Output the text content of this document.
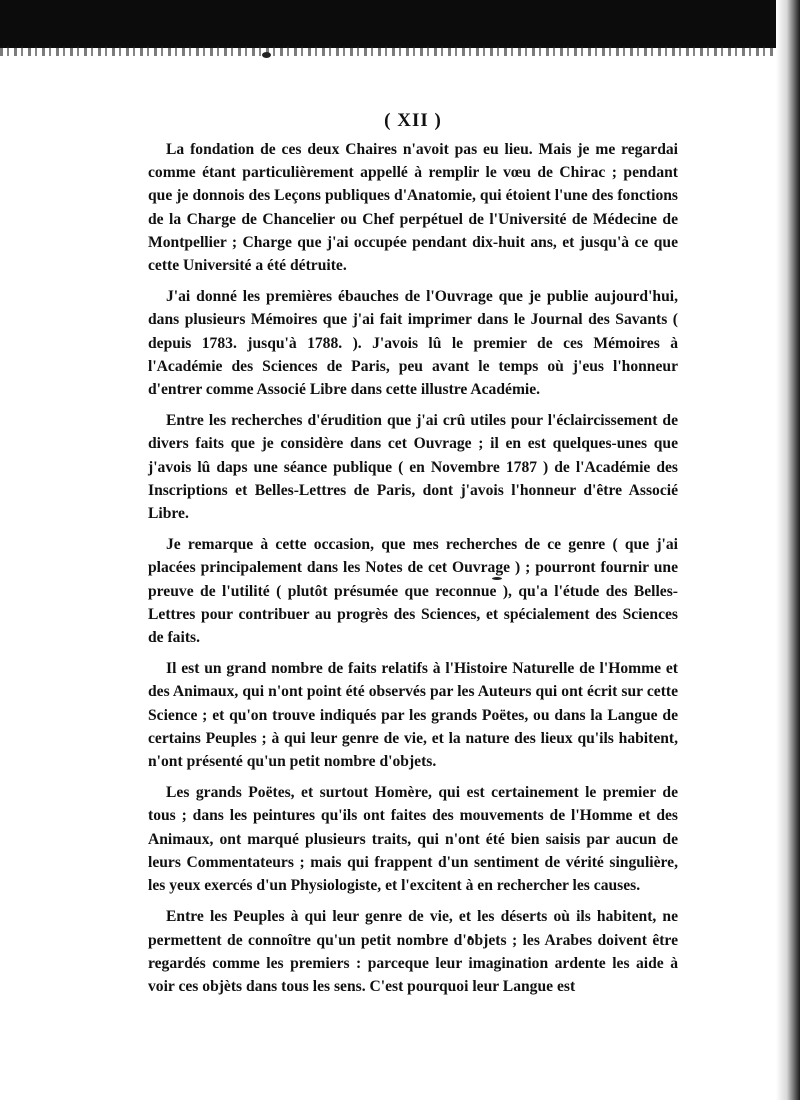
( XII )

La fondation de ces deux Chaires n'avoit pas eu lieu. Mais je me regardai comme étant particulièrement appellé à remplir le vœu de Chirac ; pendant que je donnois des Leçons publiques d'Anatomie, qui étoient l'une des fonctions de la Charge de Chancelier ou Chef perpétuel de l'Université de Médecine de Montpellier ; Charge que j'ai occupée pendant dix-huit ans, et jusqu'à ce que cette Université a été détruite.

J'ai donné les premières ébauches de l'Ouvrage que je publie aujourd'hui, dans plusieurs Mémoires que j'ai fait imprimer dans le Journal des Savants ( depuis 1783. jusqu'à 1788. ). J'avois lû le premier de ces Mémoires à l'Académie des Sciences de Paris, peu avant le temps où j'eus l'honneur d'entrer comme Associé Libre dans cette illustre Académie.

Entre les recherches d'érudition que j'ai crû utiles pour l'éclaircissement de divers faits que je considère dans cet Ouvrage ; il en est quelques-unes que j'avois lû daps une séance publique ( en Novembre 1787 ) de l'Académie des Inscriptions et Belles-Lettres de Paris, dont j'avois l'honneur d'être Associé Libre.

Je remarque à cette occasion, que mes recherches de ce genre ( que j'ai placées principalement dans les Notes de cet Ouvrage ) ; pourront fournir une preuve de l'utilité ( plutôt présumée que reconnue ), qu'a l'étude des Belles-Lettres pour contribuer au progrès des Sciences, et spécialement des Sciences de faits.

Il est un grand nombre de faits relatifs à l'Histoire Naturelle de l'Homme et des Animaux, qui n'ont point été observés par les Auteurs qui ont écrit sur cette Science ; et qu'on trouve indiqués par les grands Poëtes, ou dans la Langue de certains Peuples ; à qui leur genre de vie, et la nature des lieux qu'ils habitent, n'ont présenté qu'un petit nombre d'objets.

Les grands Poëtes, et surtout Homère, qui est certainement le premier de tous ; dans les peintures qu'ils ont faites des mouvements de l'Homme et des Animaux, ont marqué plusieurs traits, qui n'ont été bien saisis par aucun de leurs Commentateurs ; mais qui frappent d'un sentiment de vérité singulière, les yeux exercés d'un Physiologiste, et l'excitent à en rechercher les causes.

Entre les Peuples à qui leur genre de vie, et les déserts où ils habitent, ne permettent de connoître qu'un petit nombre d'objets ; les Arabes doivent être regardés comme les premiers : parceque leur imagination ardente les aide à voir ces objèts dans tous les sens. C'est pourquoi leur Langue est
